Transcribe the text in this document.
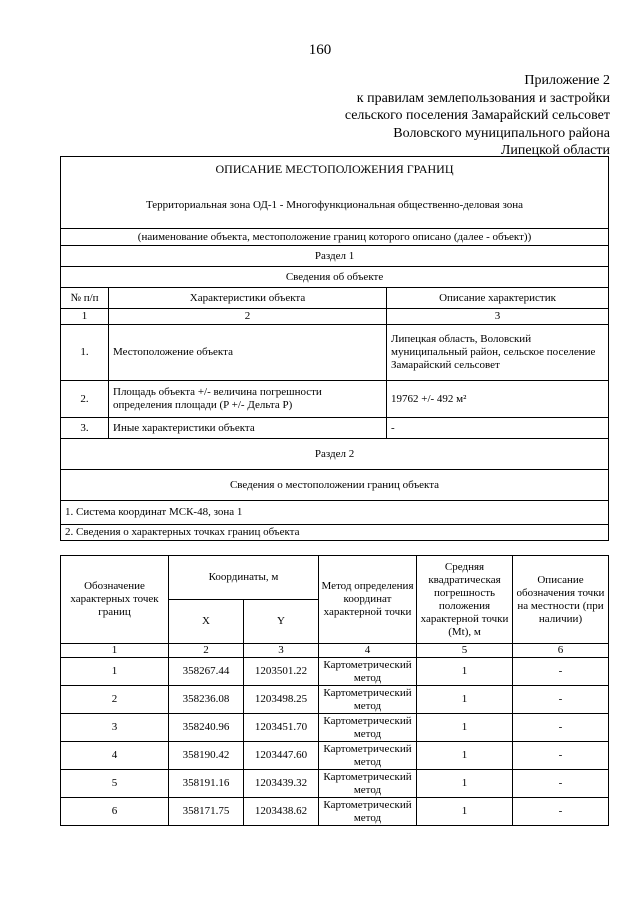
160
Приложение 2
к правилам землепользования и застройки
сельского поселения Замарайский сельсовет
Воловского муниципального района
Липецкой области
ОПИСАНИЕ МЕСТОПОЛОЖЕНИЯ ГРАНИЦ
Территориальная зона ОД-1 - Многофункциональная общественно-деловая зона		

(наименование объекта, местоположение границ которого описано (далее - объект))		
Раздел 1		
Сведения об объекте		
№ п/п	Характеристики объекта	Описание характеристик
1	2	3
1.	Местоположение объекта	Липецкая область, Воловский муниципальный район, сельское поселение Замарайский сельсовет
2.	Площадь объекта +/- величина погрешности определения площади (P +/- Дельта P)	19762 +/- 492 м²
3.	Иные характеристики объекта	-
Раздел 2		
Сведения о местоположении границ объекта		
1. Система координат МСК-48, зона 1		
2. Сведения о характерных точках границ объекта		
Обозначение характерных точек границ	Координаты, м		Метод определения координат характерной точки	Средняя квадратическая погрешность положения характерной точки (Mt), м	Описание обозначения точки на местности (при наличии)
	X	Y			
1	2	3	4	5	6
1	358267.44	1203501.22	Картометрический метод	1	-
2	358236.08	1203498.25	Картометрический метод	1	-
3	358240.96	1203451.70	Картометрический метод	1	-
4	358190.42	1203447.60	Картометрический метод	1	-
5	358191.16	1203439.32	Картометрический метод	1	-
6	358171.75	1203438.62	Картометрический метод	1	-
